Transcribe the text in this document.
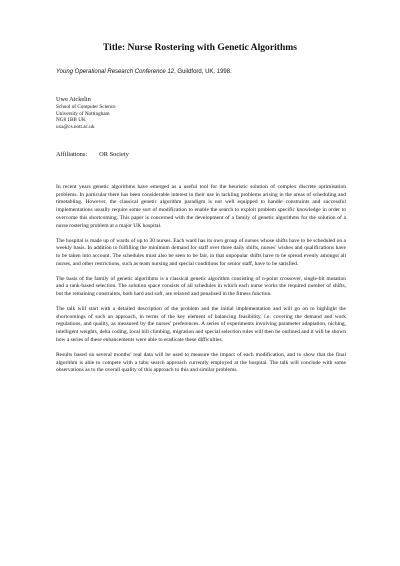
Title: Nurse Rostering with Genetic Algorithms
Young Operational Research Conference 12, Guildford, UK, 1998.
Uwe Aickelin
School of Computer Science
University of Nottingham
NG8 1BB UK
uxa@cs.nott.ac.uk
Affiliations: OR Society

In recent years genetic algorithms have emerged as a useful tool for the heuristic solution of complex discrete optimisation problems. In particular there has been considerable interest in their use in tackling problems arising in the areas of scheduling and timetabling. However, the classical genetic algorithm paradigm is not well equipped to handle constraints and successful implementations usually require some sort of modification to enable the search to exploit problem specific knowledge in order to overcome this shortcoming. This paper is concerned with the development of a family of genetic algorithms for the solution of a nurse rostering problem at a major UK hospital.

The hospital is made up of wards of up to 30 nurses. Each ward has its own group of nurses whose shifts have to be scheduled on a weekly basis. In addition to fulfilling the minimum demand for staff over three daily shifts, nurses’ wishes and qualifications have to be taken into account. The schedules must also be seen to be fair, in that unpopular shifts have to be spread evenly amongst all nurses, and other restrictions, such as team nursing and special conditions for senior staff, have to be satisfied.

The basis of the family of genetic algorithms is a classical genetic algorithm consisting of n-point crossover, single-bit mutation and a rank-based selection. The solution space consists of all schedules in which each nurse works the required number of shifts, but the remaining constraints, both hard and soft, are relaxed and penalised in the fitness function.

The talk will start with a detailed description of the problem and the initial implementation and will go on to highlight the shortcomings of such an approach, in terms of the key element of balancing feasibility, i.e. covering the demand and work regulations, and quality, as measured by the nurses’ preferences. A series of experiments involving parameter adaptation, niching, intelligent weights, delta coding, local hill climbing, migration and special selection rules will then be outlined and it will be shown how a series of these enhancements were able to eradicate these difficulties.

Results based on several months’ real data will be used to measure the impact of each modification, and to show that the final algorithm is able to compete with a tabu search approach currently employed at the hospital. The talk will conclude with some observations as to the overall quality of this approach to this and similar problems.
